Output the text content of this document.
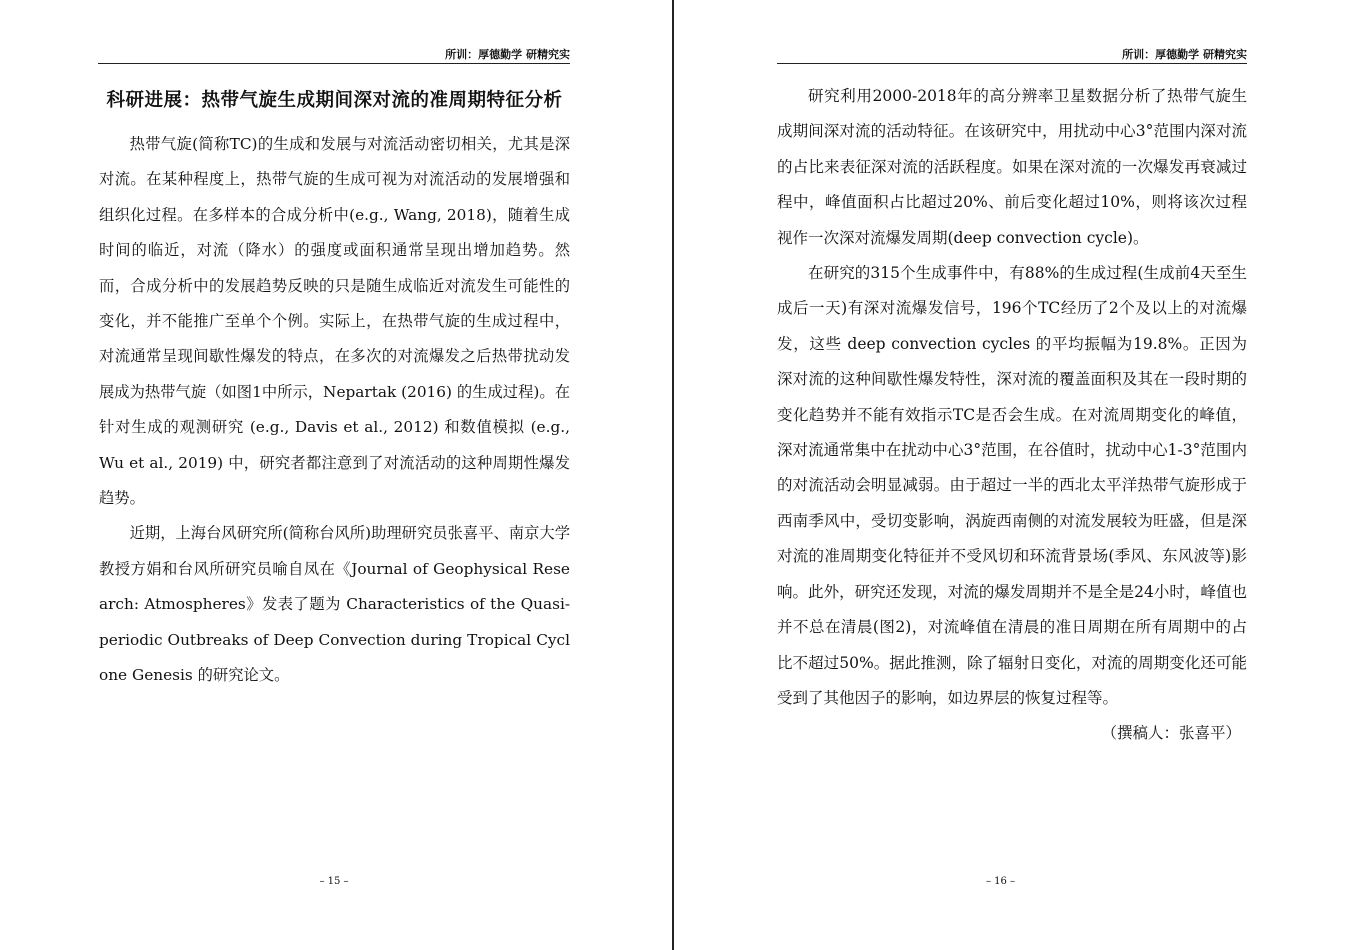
所训：厚德勤学 研精究实
科研进展：热带气旋生成期间深对流的准周期特征分析

热带气旋(简称TC)的生成和发展与对流活动密切相关，尤其是深对流。在某种程度上，热带气旋的生成可视为对流活动的发展增强和组织化过程。在多样本的合成分析中(e.g., Wang, 2018)，随着生成时间的临近，对流（降水）的强度或面积通常呈现出增加趋势。然而，合成分析中的发展趋势反映的只是随生成临近对流发生可能性的变化，并不能推广至单个个例。实际上，在热带气旋的生成过程中，对流通常呈现间歇性爆发的特点，在多次的对流爆发之后热带扰动发展成为热带气旋（如图1中所示，Nepartak (2016) 的生成过程)。在针对生成的观测研究 (e.g., Davis et al., 2012) 和数值模拟 (e.g., Wu et al., 2019) 中，研究者都注意到了对流活动的这种周期性爆发趋势。

近期，上海台风研究所(简称台风所)助理研究员张喜平、南京大学教授方娟和台风所研究员喻自凤在《Journal of Geophysical Research: Atmospheres》发表了题为 Characteristics of the Quasi‐periodic Outbreaks of Deep Convection during Tropical Cyclone Genesis 的研究论文。

– 15 –
所训：厚德勤学 研精究实

研究利用2000-2018年的高分辨率卫星数据分析了热带气旋生成期间深对流的活动特征。在该研究中，用扰动中心3°范围内深对流的占比来表征深对流的活跃程度。如果在深对流的一次爆发再衰减过程中，峰值面积占比超过20%、前后变化超过10%，则将该次过程视作一次深对流爆发周期(deep convection cycle)。

在研究的315个生成事件中，有88%的生成过程(生成前4天至生成后一天)有深对流爆发信号，196个TC经历了2个及以上的对流爆发，这些 deep convection cycles 的平均振幅为19.8%。正因为深对流的这种间歇性爆发特性，深对流的覆盖面积及其在一段时期的变化趋势并不能有效指示TC是否会生成。在对流周期变化的峰值，深对流通常集中在扰动中心3°范围，在谷值时，扰动中心1-3°范围内的对流活动会明显减弱。由于超过一半的西北太平洋热带气旋形成于西南季风中，受切变影响，涡旋西南侧的对流发展较为旺盛，但是深对流的准周期变化特征并不受风切和环流背景场(季风、东风波等)影响。此外，研究还发现，对流的爆发周期并不是全是24小时，峰值也并不总在清晨(图2)，对流峰值在清晨的准日周期在所有周期中的占比不超过50%。据此推测，除了辐射日变化，对流的周期变化还可能受到了其他因子的影响，如边界层的恢复过程等。

（撰稿人：张喜平）

– 16 –
